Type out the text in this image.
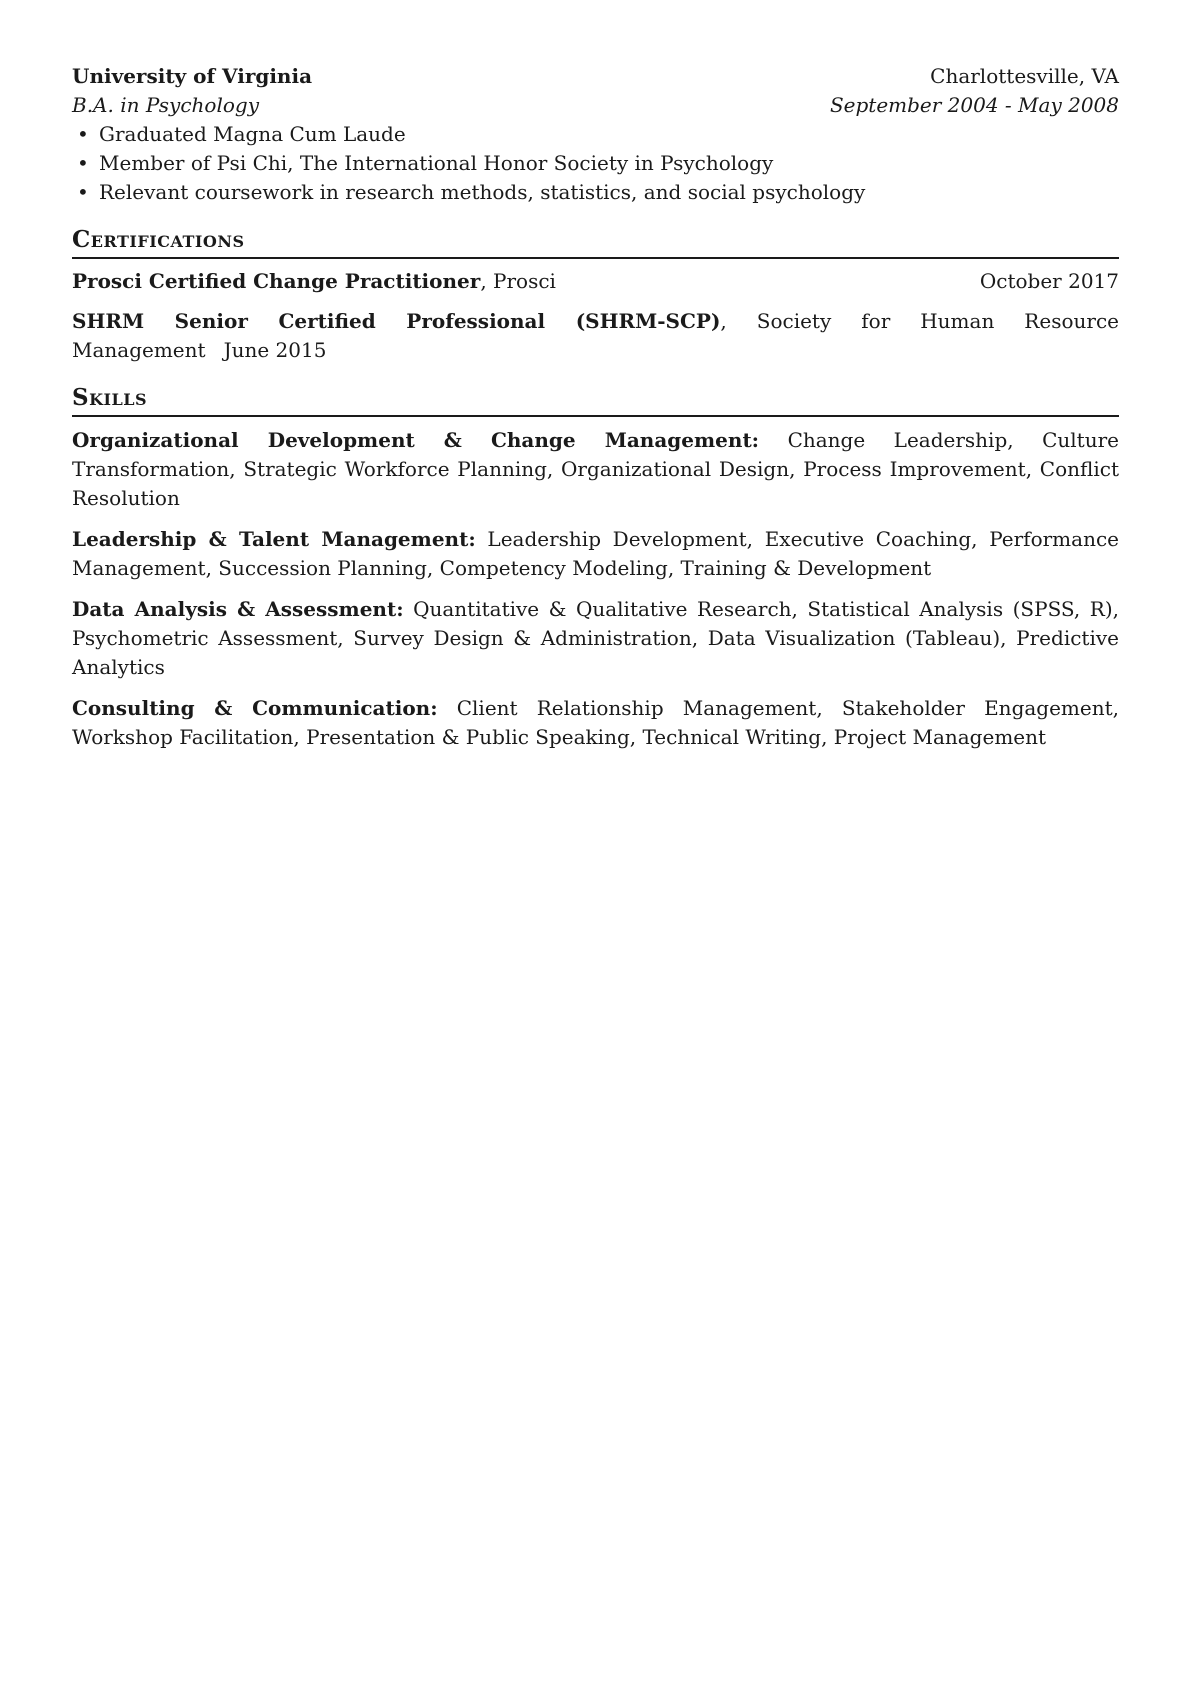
University of Virginia	Charlottesville, VA
B.A. in Psychology	September 2004 - May 2008
• Graduated Magna Cum Laude
• Member of Psi Chi, The International Honor Society in Psychology
• Relevant coursework in research methods, statistics, and social psychology
Certifications
Prosci Certified Change Practitioner, Prosci	October 2017

SHRM Senior Certified Professional (SHRM-SCP), Society for Human Resource Management June 2015

Skills

Organizational Development & Change Management: Change Leadership, Culture Transformation, Strategic Workforce Planning, Organizational Design, Process Improvement, Conflict Resolution

Leadership & Talent Management: Leadership Development, Executive Coaching, Performance Management, Succession Planning, Competency Modeling, Training & Development

Data Analysis & Assessment: Quantitative & Qualitative Research, Statistical Analysis (SPSS, R), Psychometric Assessment, Survey Design & Administration, Data Visualization (Tableau), Predictive Analytics

Consulting & Communication: Client Relationship Management, Stakeholder Engagement, Workshop Facilitation, Presentation & Public Speaking, Technical Writing, Project Management
